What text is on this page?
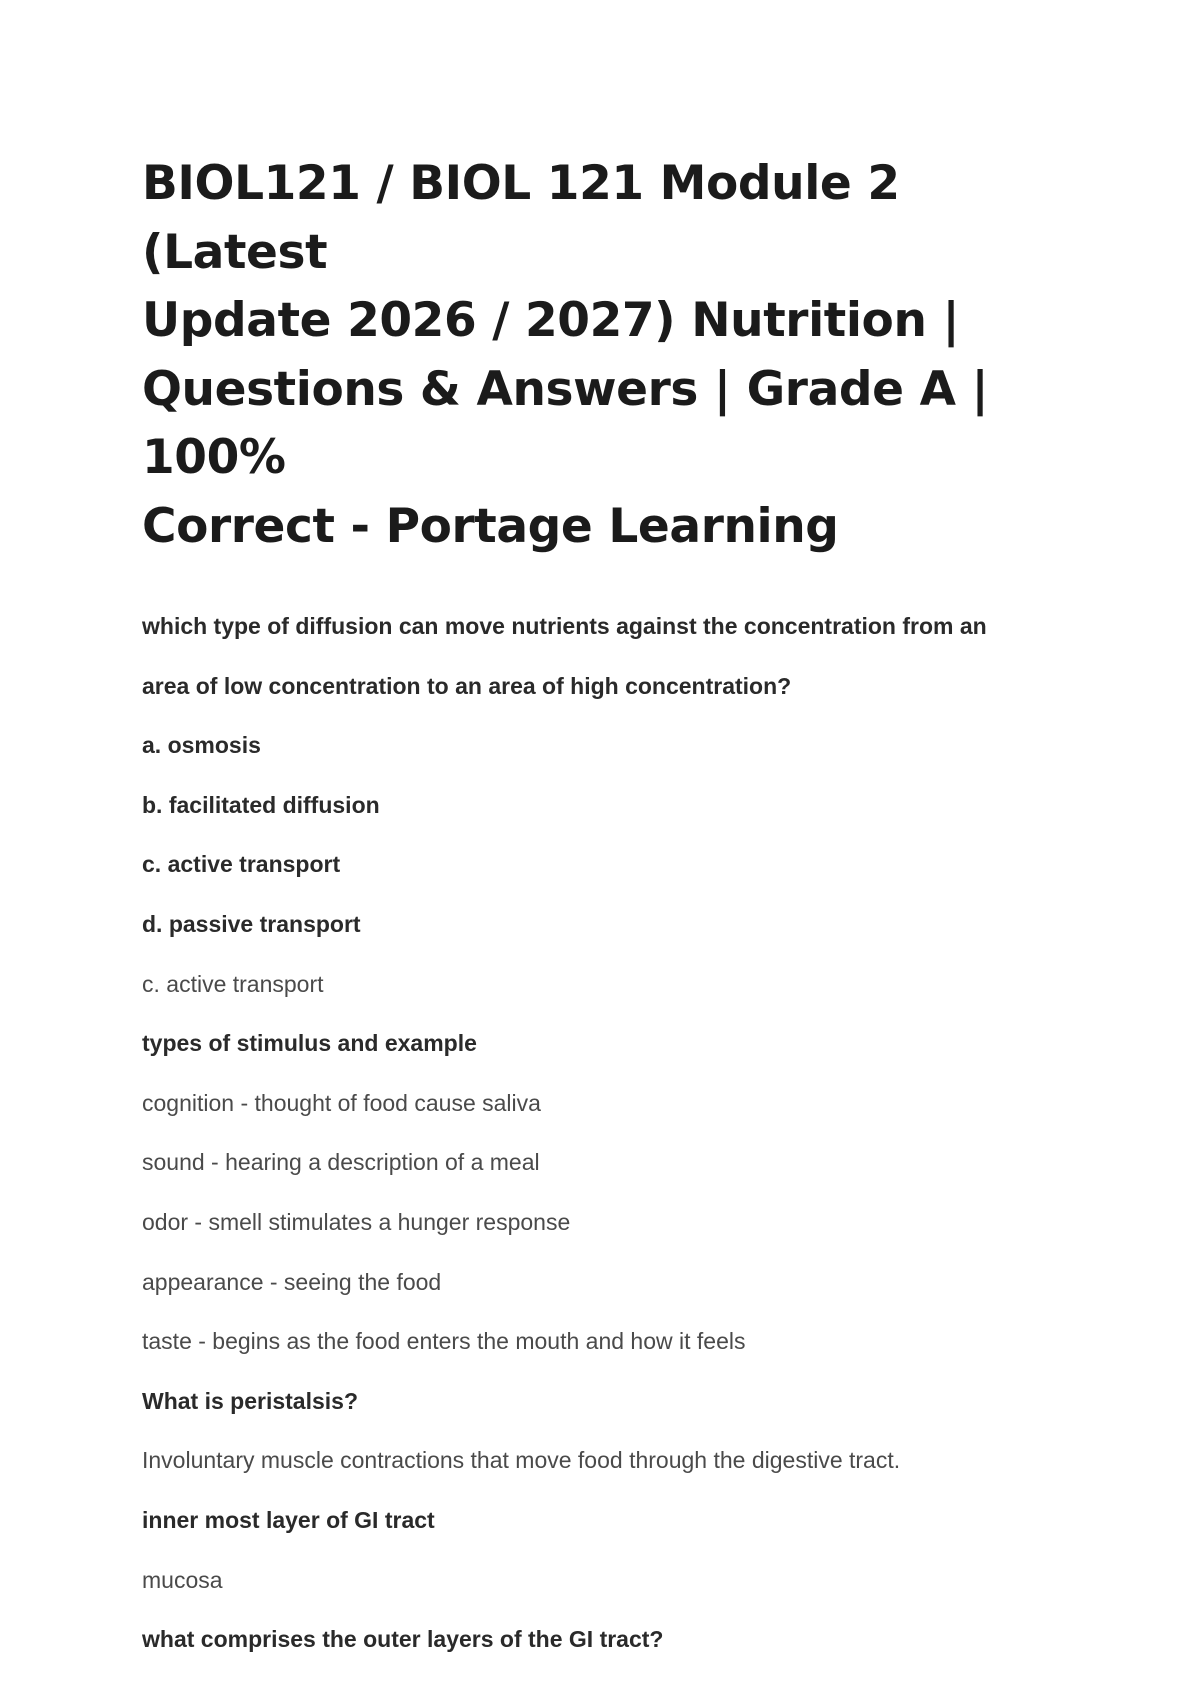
BIOL121 / BIOL 121 Module 2 (Latest
Update 2026 / 2027) Nutrition |
Questions & Answers | Grade A | 100%
Correct - Portage Learning

which type of diffusion can move nutrients against the concentration from an

area of low concentration to an area of high concentration?

a. osmosis

b. facilitated diffusion

c. active transport

d. passive transport

c. active transport

types of stimulus and example

cognition - thought of food cause saliva

sound - hearing a description of a meal

odor - smell stimulates a hunger response

appearance - seeing the food

taste - begins as the food enters the mouth and how it feels

What is peristalsis?

Involuntary muscle contractions that move food through the digestive tract.

inner most layer of GI tract

mucosa

what comprises the outer layers of the GI tract?
